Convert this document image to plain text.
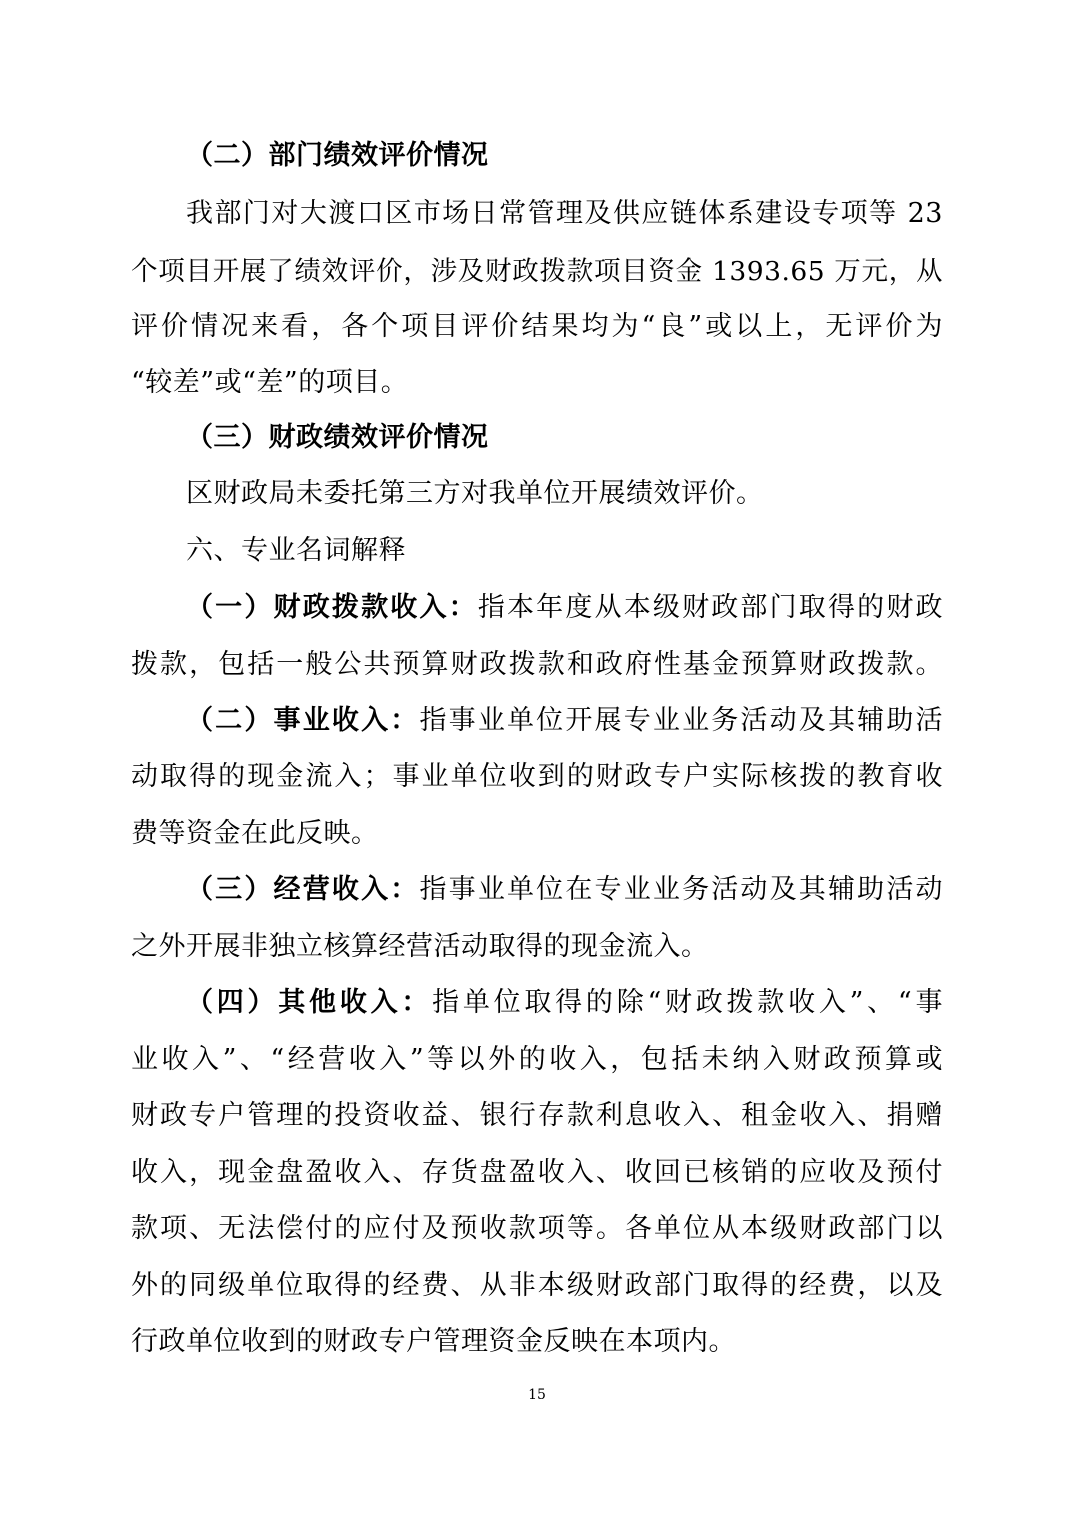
（二）部门绩效评价情况
我部门对大渡口区市场日常管理及供应链体系建设专项等 23
个项目开展了绩效评价，涉及财政拨款项目资金 1393.65 万元，从
评价情况来看，各个项目评价结果均为“良”或以上，无评价为
“较差”或“差”的项目。
（三）财政绩效评价情况
区财政局未委托第三方对我单位开展绩效评价。
六、专业名词解释
（一）财政拨款收入：指本年度从本级财政部门取得的财政
拨款，包括一般公共预算财政拨款和政府性基金预算财政拨款。
（二）事业收入：指事业单位开展专业业务活动及其辅助活
动取得的现金流入；事业单位收到的财政专户实际核拨的教育收
费等资金在此反映。
（三）经营收入：指事业单位在专业业务活动及其辅助活动
之外开展非独立核算经营活动取得的现金流入。
（四）其他收入：指单位取得的除“财政拨款收入”、“事
业收入”、“经营收入”等以外的收入，包括未纳入财政预算或
财政专户管理的投资收益、银行存款利息收入、租金收入、捐赠
收入，现金盘盈收入、存货盘盈收入、收回已核销的应收及预付
款项、无法偿付的应付及预收款项等。各单位从本级财政部门以
外的同级单位取得的经费、从非本级财政部门取得的经费，以及
行政单位收到的财政专户管理资金反映在本项内。
15
